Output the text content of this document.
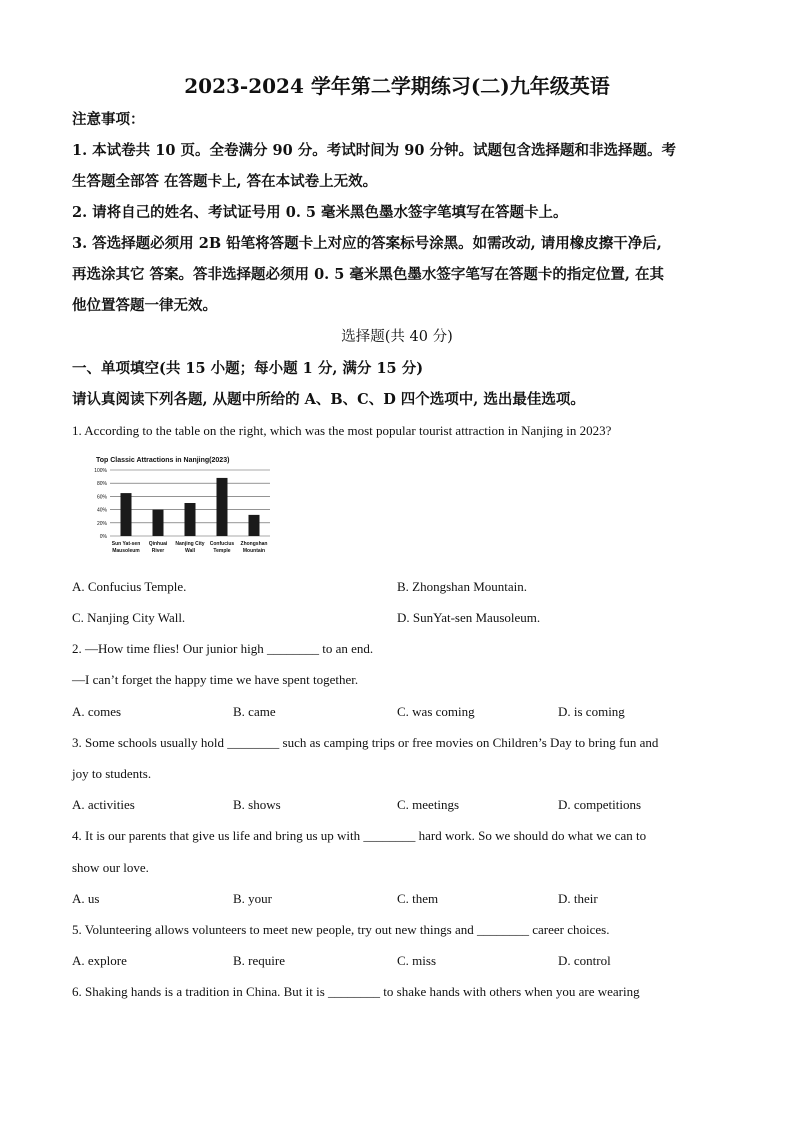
2023-2024 学年第二学期练习(二)九年级英语
注意事项：
1. 本试卷共 10 页。全卷满分 90 分。考试时间为 90 分钟。试题包含选择题和非选择题。考
生答题全部答 在答题卡上, 答在本试卷上无效。
2. 请将自己的姓名、考试证号用 0. 5 毫米黑色墨水签字笔填写在答题卡上。
3. 答选择题必须用 2B 铅笔将答题卡上对应的答案标号涂黑。如需改动, 请用橡皮擦干净后,
再选涂其它 答案。答非选择题必须用 0. 5 毫米黑色墨水签字笔写在答题卡的指定位置, 在其
他位置答题一律无效。
选择题(共 40 分)
一、单项填空(共 15 小题；每小题 1 分, 满分 15 分)
请认真阅读下列各题, 从题中所给的 A、B、C、D 四个选项中, 选出最佳选项。
1. According to the table on the right, which was the most popular tourist attraction in Nanjing in 2023?
Top Classic Attractions in Nanjing(2023)
100%
80%
60%
40%
20%
0%
Sun Yat-sen
Mausoleum
Qinhuai
River
Nanjing City
Wall
Confucius
Temple
Zhongshan
Mountain
A. Confucius Temple.	B. Zhongshan Mountain.
C. Nanjing City Wall.	D. SunYat-sen Mausoleum.
2. —How time flies! Our junior high ________ to an end.
—I can’t forget the happy time we have spent together.
A. comes	B. came	C. was coming	D. is coming
3. Some schools usually hold ________ such as camping trips or free movies on Children’s Day to bring fun and
joy to students.
A. activities	B. shows	C. meetings	D. competitions
4. It is our parents that give us life and bring us up with ________ hard work. So we should do what we can to
show our love.
A. us	B. your	C. them	D. their
5. Volunteering allows volunteers to meet new people, try out new things and ________ career choices.
A. explore	B. require	C. miss	D. control
6. Shaking hands is a tradition in China. But it is ________ to shake hands with others when you are wearing
